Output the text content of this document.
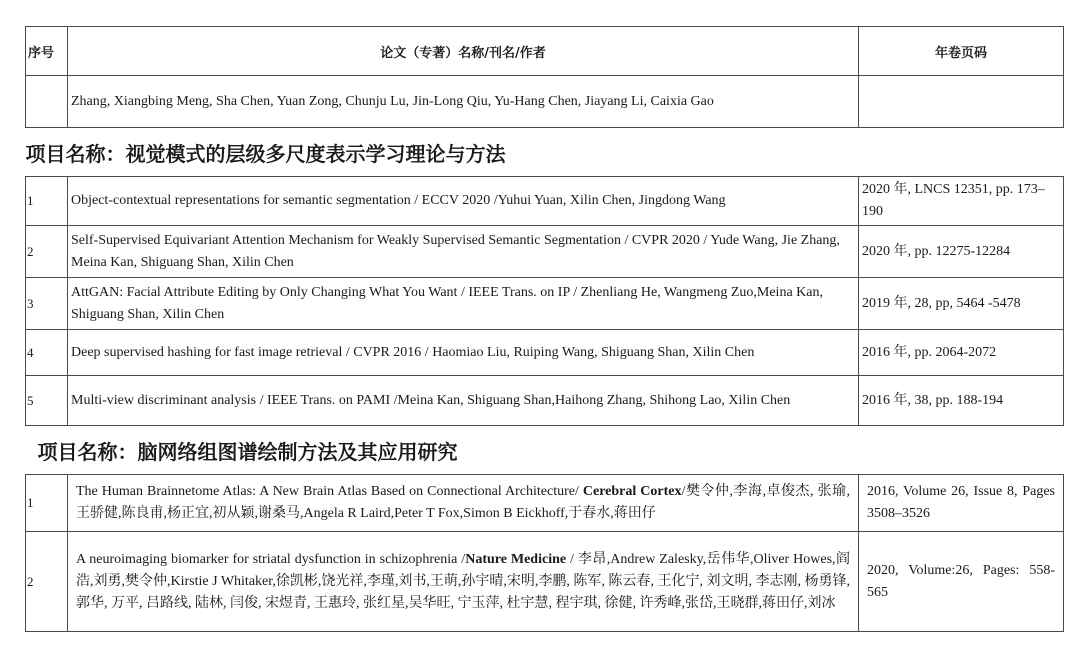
序号	论文（专著）名称/刊名/作者	年卷页码
	Zhang, Xiangbing Meng, Sha Chen, Yuan Zong, Chunju Lu, Jin-Long Qiu, Yu-Hang Chen, Jiayang Li, Caixia Gao	
项目名称：视觉模式的层级多尺度表示学习理论与方法		
1	Object-contextual representations for semantic segmentation / ECCV 2020 /Yuhui Yuan, Xilin Chen, Jingdong Wang	2020 年, LNCS 12351, pp. 173–190
2	Self-Supervised Equivariant Attention Mechanism for Weakly Supervised Semantic Segmentation / CVPR 2020 / Yude Wang, Jie Zhang, Meina Kan, Shiguang Shan, Xilin Chen	2020 年, pp. 12275-12284
3	AttGAN: Facial Attribute Editing by Only Changing What You Want / IEEE Trans. on IP / Zhenliang He, Wangmeng Zuo,Meina Kan, Shiguang Shan, Xilin Chen	2019 年, 28, pp, 5464 -5478
4	Deep supervised hashing for fast image retrieval / CVPR 2016 / Haomiao Liu, Ruiping Wang, Shiguang Shan, Xilin Chen	2016 年, pp. 2064-2072
5	Multi-view discriminant analysis / IEEE Trans. on PAMI /Meina Kan, Shiguang Shan,Haihong Zhang, Shihong Lao, Xilin Chen	2016 年, 38, pp. 188-194
项目名称：脑网络组图谱绘制方法及其应用研究		
1	The Human Brainnetome Atlas: A New Brain Atlas Based on Connectional Architecture/ Cerebral Cortex/樊令仲,李海,卓俊杰, 张瑜,王骄健,陈良甫,杨正宜,初从颖,谢桑马,Angela R Laird,Peter T Fox,Simon B Eickhoff,于春水,蒋田仔	2016, Volume 26, Issue 8, Pages 3508–3526
2	A neuroimaging biomarker for striatal dysfunction in schizophrenia /Nature Medicine / 李昂,Andrew Zalesky,岳伟华,Oliver Howes,阎浩,刘勇,樊令仲,Kirstie J Whitaker,徐凯彬,饶光祥,李瑾,刘书,王萌,孙宇晴,宋明,李鹏, 陈军, 陈云春, 王化宁, 刘文明, 李志刚, 杨勇锋, 郭华, 万平, 吕路线, 陆林, 闫俊, 宋煜青, 王惠玲, 张红星,吴华旺, 宁玉萍, 杜宇慧, 程宇琪, 徐健, 许秀峰,张岱,王晓群,蒋田仔,刘冰	2020, Volume:26, Pages: 558-565
